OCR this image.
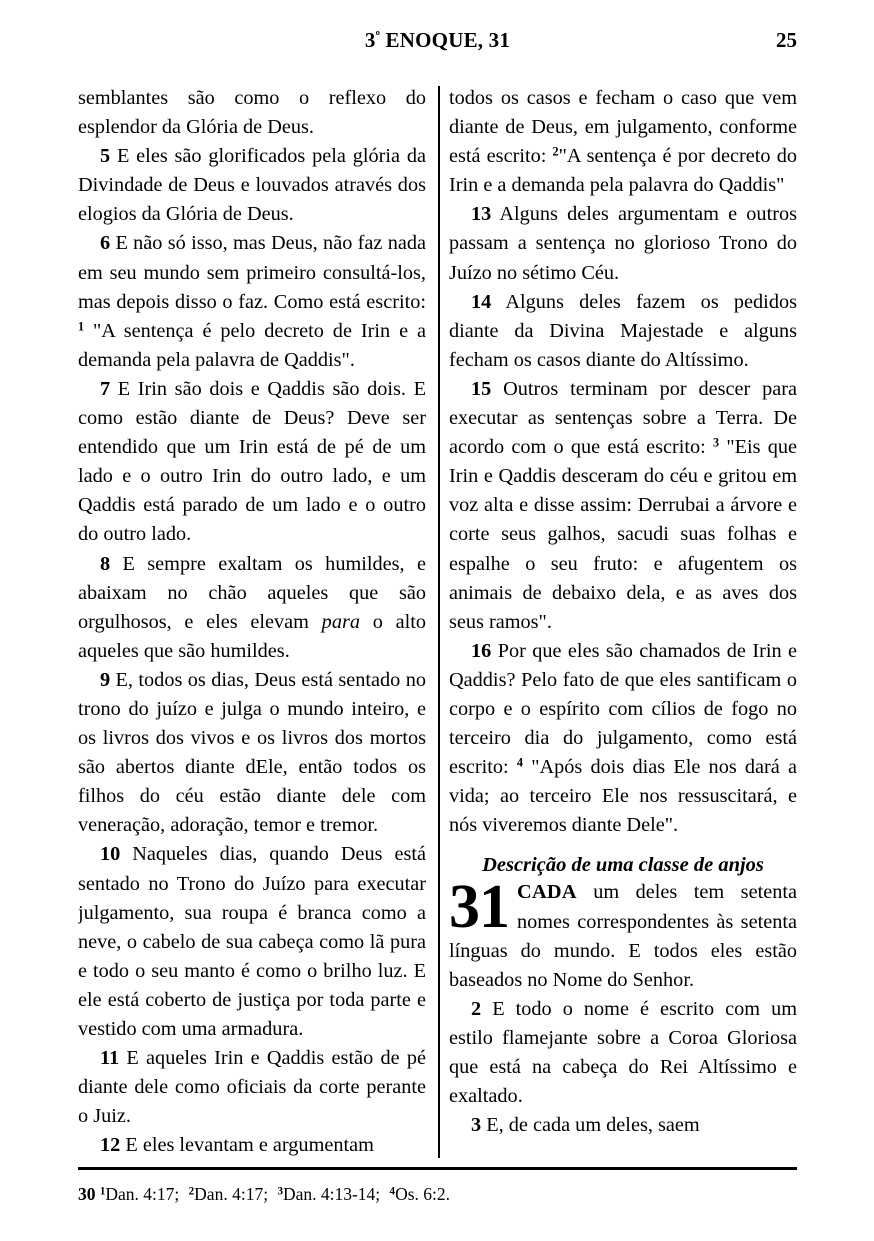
$3^º$ ENOQUE, 31	25

semblantes são como o reflexo do esplendor da Glória de Deus.

5 E eles são glorificados pela glória da Divindade de Deus e louvados através dos elogios da Glória de Deus.

6 E não só isso, mas Deus, não faz nada em seu mundo sem primeiro consultá-los, mas depois disso o faz. Como está escrito: $^1$ "A sentença é pelo decreto de Irin e a demanda pela palavra de Qaddis".

7 E Irin são dois e Qaddis são dois. E como estão diante de Deus? Deve ser entendido que um Irin está de pé de um lado e o outro Irin do outro lado, e um Qaddis está parado de um lado e o outro do outro lado.

8 E sempre exaltam os humildes, e abaixam no chão aqueles que são orgulhosos, e eles elevam para o alto aqueles que são humildes.

9 E, todos os dias, Deus está sentado no trono do juízo e julga o mundo inteiro, e os livros dos vivos e os livros dos mortos são abertos diante dEle, então todos os filhos do céu estão diante dele com veneração, adoração, temor e tremor.

10 Naqueles dias, quando Deus está sentado no Trono do Juízo para executar julgamento, sua roupa é branca como a neve, o cabelo de sua cabeça como lã pura e todo o seu manto é como o brilho luz. E ele está coberto de justiça por toda parte e vestido com uma armadura.

11 E aqueles Irin e Qaddis estão de pé diante dele como oficiais da corte perante o Juiz.

12 E eles levantam e argumentam

todos os casos e fecham o caso que vem diante de Deus, em julgamento, conforme está escrito: $^2$"A sentença é por decreto do Irin e a demanda pela palavra do Qaddis"

13 Alguns deles argumentam e outros passam a sentença no glorioso Trono do Juízo no sétimo Céu.

14 Alguns deles fazem os pedidos diante da Divina Majestade e alguns fecham os casos diante do Altíssimo.

15 Outros terminam por descer para executar as sentenças sobre a Terra. De acordo com o que está escrito: $^3$ "Eis que Irin e Qaddis desceram do céu e gritou em voz alta e disse assim: Derrubai a árvore e corte seus galhos, sacudi suas folhas e espalhe o seu fruto: e afugentem os animais de debaixo dela, e as aves dos seus ramos".

16 Por que eles são chamados de Irin e Qaddis? Pelo fato de que eles santificam o corpo e o espírito com cílios de fogo no terceiro dia do julgamento, como está escrito: $^4$ "Após dois dias Ele nos dará a vida; ao terceiro Ele nos ressuscitará, e nós viveremos diante Dele".

Descrição de uma classe de anjos

31 CADA um deles tem setenta nomes correspondentes às setenta línguas do mundo. E todos eles estão baseados no Nome do Senhor.

2 E todo o nome é escrito com um estilo flamejante sobre a Coroa Gloriosa que está na cabeça do Rei Altíssimo e exaltado.

3 E, de cada um deles, saem

30 $^1$Dan. 4:17; $^2$Dan. 4:17; $^3$Dan. 4:13-14; $^4$Os. 6:2.
